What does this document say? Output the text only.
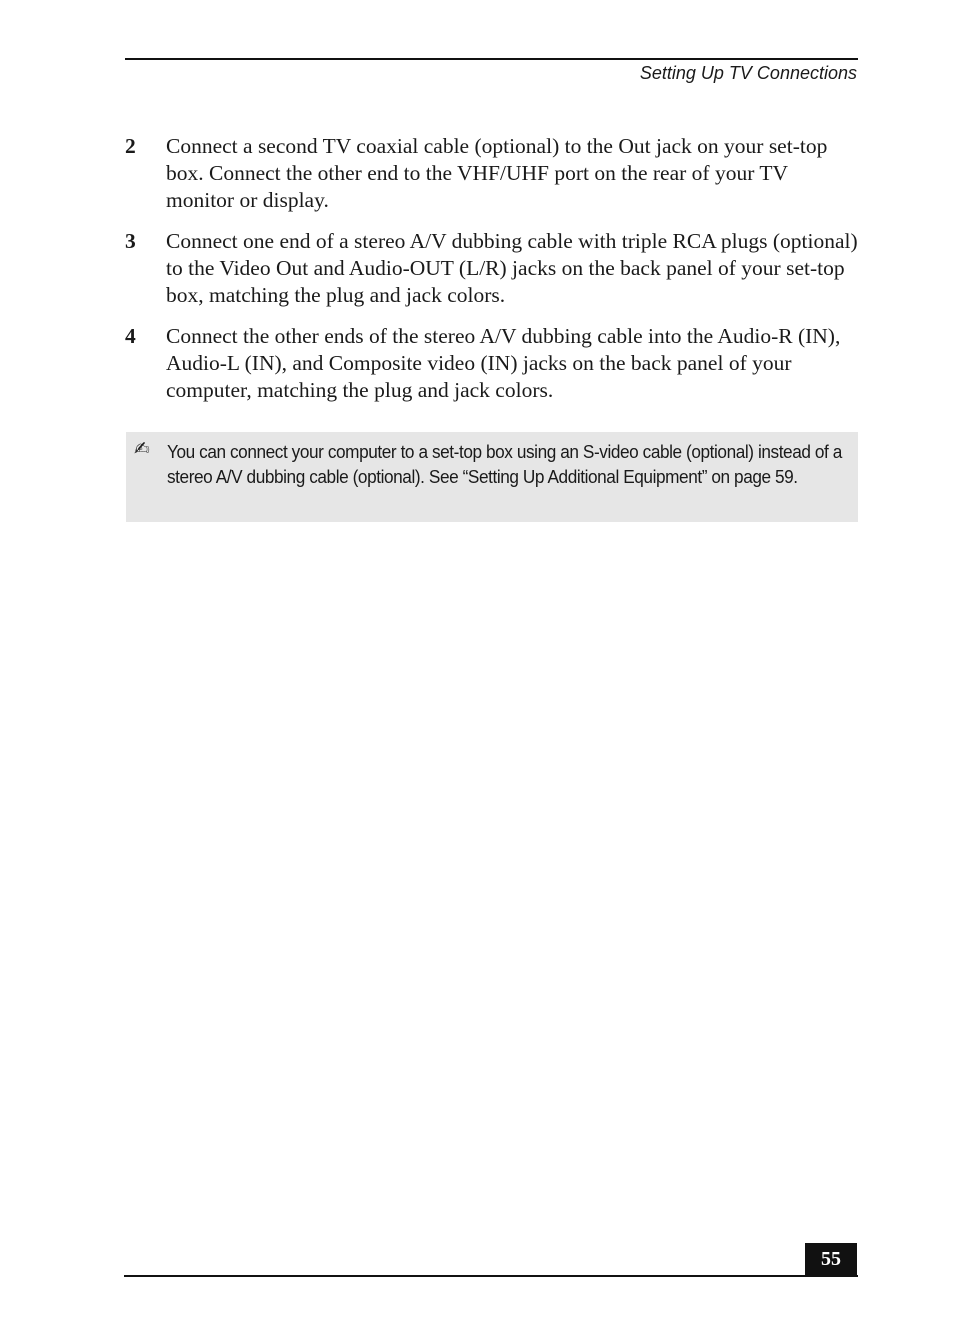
Setting Up TV Connections
2 Connect a second TV coaxial cable (optional) to the Out jack on your set-top box. Connect the other end to the VHF/UHF port on the rear of your TV monitor or display.
3 Connect one end of a stereo A/V dubbing cable with triple RCA plugs (optional) to the Video Out and Audio-OUT (L/R) jacks on the back panel of your set-top box, matching the plug and jack colors.
4 Connect the other ends of the stereo A/V dubbing cable into the Audio-R (IN), Audio-L (IN), and Composite video (IN) jacks on the back panel of your computer, matching the plug and jack colors.
✍ You can connect your computer to a set-top box using an S-video cable (optional) instead of a stereo A/V dubbing cable (optional). See “Setting Up Additional Equipment” on page 59.
55
